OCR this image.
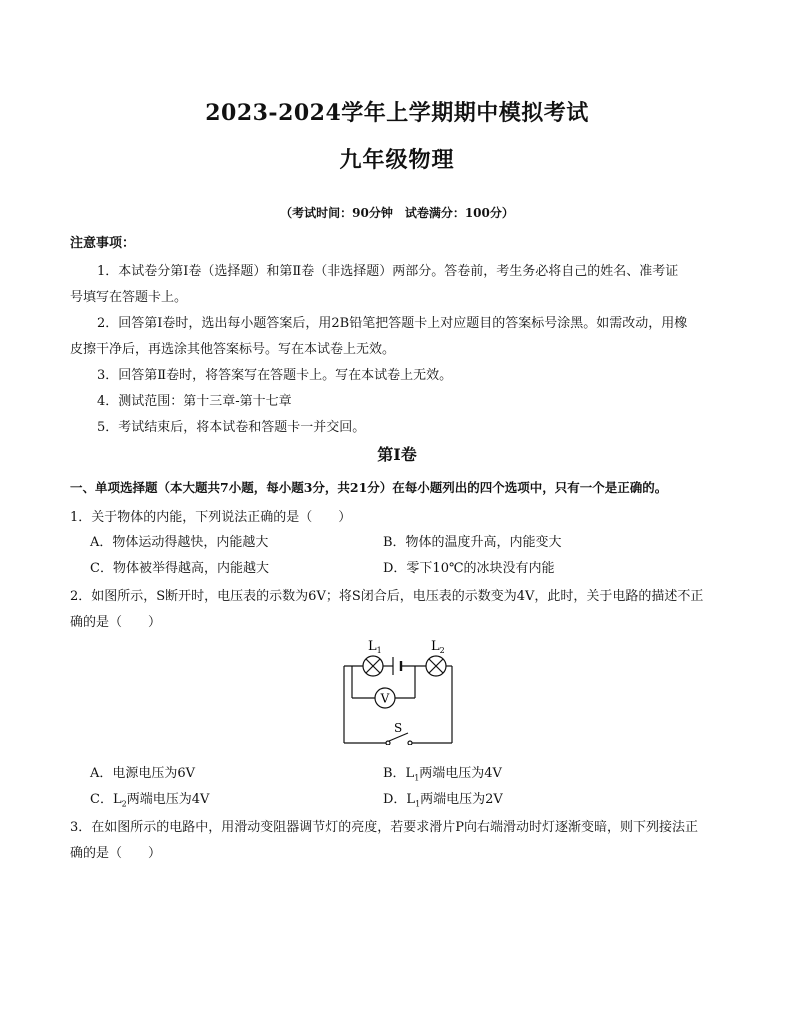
2023-2024学年上学期期中模拟考试
九年级物理
（考试时间：90分钟　试卷满分：100分）
注意事项：
1．本试卷分第Ⅰ卷（选择题）和第Ⅱ卷（非选择题）两部分。答卷前，考生务必将自己的姓名、准考证
号填写在答题卡上。
2．回答第Ⅰ卷时，选出每小题答案后，用2B铅笔把答题卡上对应题目的答案标号涂黑。如需改动，用橡
皮擦干净后，再选涂其他答案标号。写在本试卷上无效。
3．回答第Ⅱ卷时，将答案写在答题卡上。写在本试卷上无效。
4．测试范围：第十三章-第十七章
5．考试结束后，将本试卷和答题卡一并交回。
第Ⅰ卷
一、单项选择题（本大题共7小题，每小题3分，共21分）在每小题列出的四个选项中，只有一个是正确的。
1．关于物体的内能，下列说法正确的是（　　）
A．物体运动得越快，内能越大	B．物体的温度升高，内能变大
C．物体被举得越高，内能越大	D．零下10℃的冰块没有内能
2．如图所示，S断开时，电压表的示数为6V；将S闭合后，电压表的示数变为4V，此时，关于电路的描述不正
确的是（　　）
V
$L_1$	$L_2$
S
A．电源电压为6V	B．$L_1$两端电压为4V
C．$L_2$两端电压为4V	D．$L_1$两端电压为2V
3．在如图所示的电路中，用滑动变阻器调节灯的亮度，若要求滑片P向右端滑动时灯逐渐变暗，则下列接法正
确的是（　　）
